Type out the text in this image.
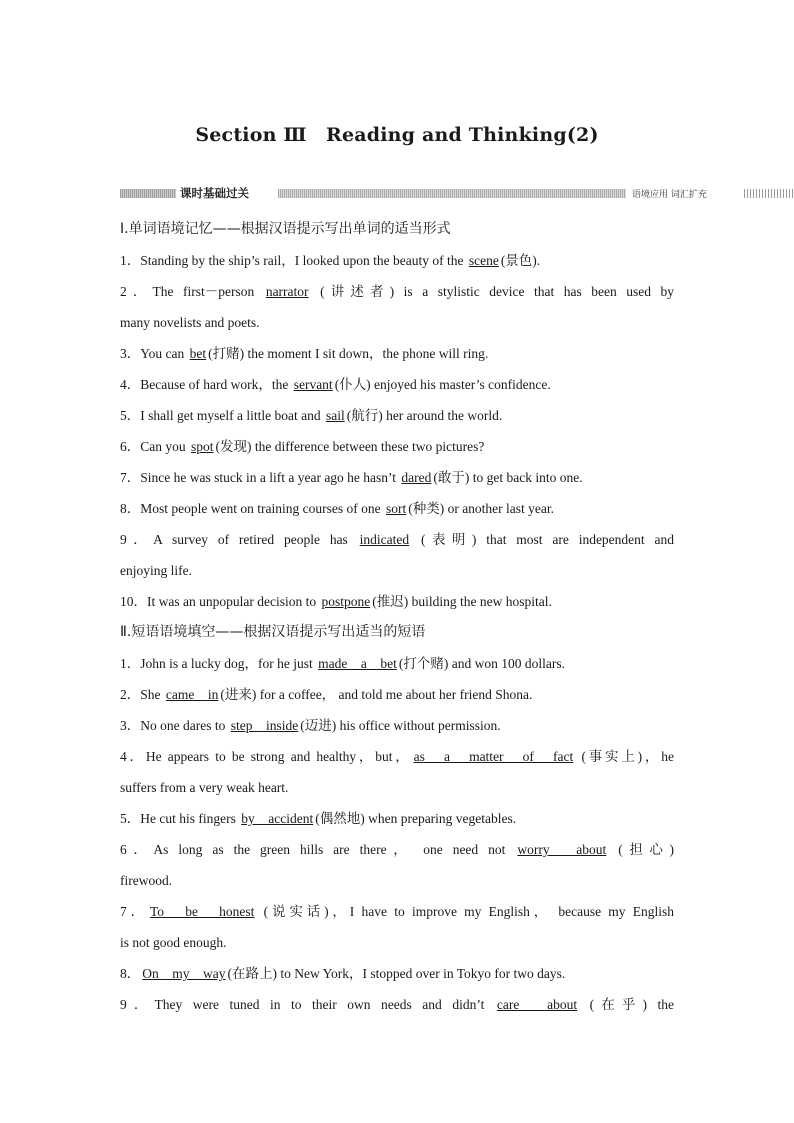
Section Ⅲ　Reading and Thinking(2)
课时基础过关	语境应用 词汇扩充
Ⅰ.单词语境记忆——根据汉语提示写出单词的适当形式
1．Standing by the ship’s rail，I looked upon the beauty of the scene (景色).
2．The first－person narrator (讲述者) is a stylistic device that has been used by
many novelists and poets.
3．You can bet (打赌) the moment I sit down，the phone will ring.
4．Because of hard work，the servant (仆人) enjoyed his master’s confidence.
5．I shall get myself a little boat and sail (航行) her around the world.
6．Can you spot (发现) the difference between these two pictures?
7．Since he was stuck in a lift a year ago he hasn’t dared (敢于) to get back into one.
8．Most people went on training courses of one sort (种类) or another last year.
9．A survey of retired people has indicated (表明) that most are independent and
enjoying life.
10．It was an unpopular decision to postpone (推迟) building the new hospital.
Ⅱ.短语语境填空——根据汉语提示写出适当的短语
1．John is a lucky dog，for he just made　a　bet (打个赌) and won 100 dollars.
2．She came　in (进来) for a coffee， and told me about her friend Shona.
3．No one dares to step　inside (迈进) his office without permission.
4．He appears to be strong and healthy，but， as　a　matter　of　fact (事实上)，he
suffers from a very weak heart.
5．He cut his fingers by　accident (偶然地) when preparing vegetables.
6．As long as the green hills are there， one need not worry　about (担心)
firewood.
7． To　be　honest (说实话)，I have to improve my English， because my English
is not good enough.
8． On　my　way (在路上) to New York，I stopped over in Tokyo for two days.
9．They were tuned in to their own needs and didn’t care　about (在乎) the
